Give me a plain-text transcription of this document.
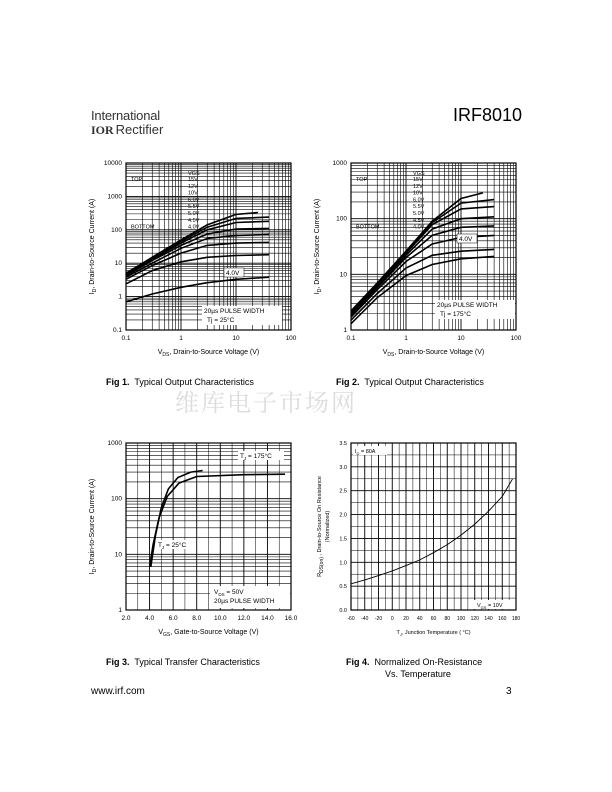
International
IOR Rectifier
IRF8010
维库电子市场网
0.1	1	10	100
0.1
1
10
100
1000
10000
$V_{DS}$, Drain-to-Source Voltage (V)
$I_D$, Drain-to-Source Current (A)
VGS
TOP	15V
12V
10V
6.0V
5.5V
5.0V
4.5V
BOTTOM	4.0V
4.0V
20µs PULSE WIDTH
Tj = 25°C
0.1	1	10	100
1
10
100
1000
$V_{DS}$, Drain-to-Source Voltage (V)
$I_D$, Drain-to-Source Current (A)
VGS
TOP	15V
12V
10V
6.0V
5.5V
5.0V
4.5V
BOTTOM	4.0V
4.0V
20µs PULSE WIDTH
Tj = 175°C
2.0 4.0 6.0 8.0 10.0 12.0 14.0 16.0
1
10
100
1000
$V_{GS}$, Gate-to-Source Voltage (V)
$I_D$, Drain-to-Source Current (A)
$T_J = 175^\circ C$
$T_J = 25^\circ C$
$V_{DS} = 50V$
20µs PULSE WIDTH
-60 -40 -20 0 20 40 60 80 100 120 140 160 180
0.0
0.5
1.0
1.5
2.0
2.5
3.0
3.5
$T_J$, Junction Temperature ( °C)
RDS(on) , Drain-to-Source On Resistance (Normalized)
$I_D = 80A$
$V_{GS} = 10V$
Fig 1. Typical Output Characteristics	Fig 2. Typical Output Characteristics
Fig 3. Typical Transfer Characteristics	Fig 4. Normalized On-Resistance
Vs. Temperature
www.irf.com	3
